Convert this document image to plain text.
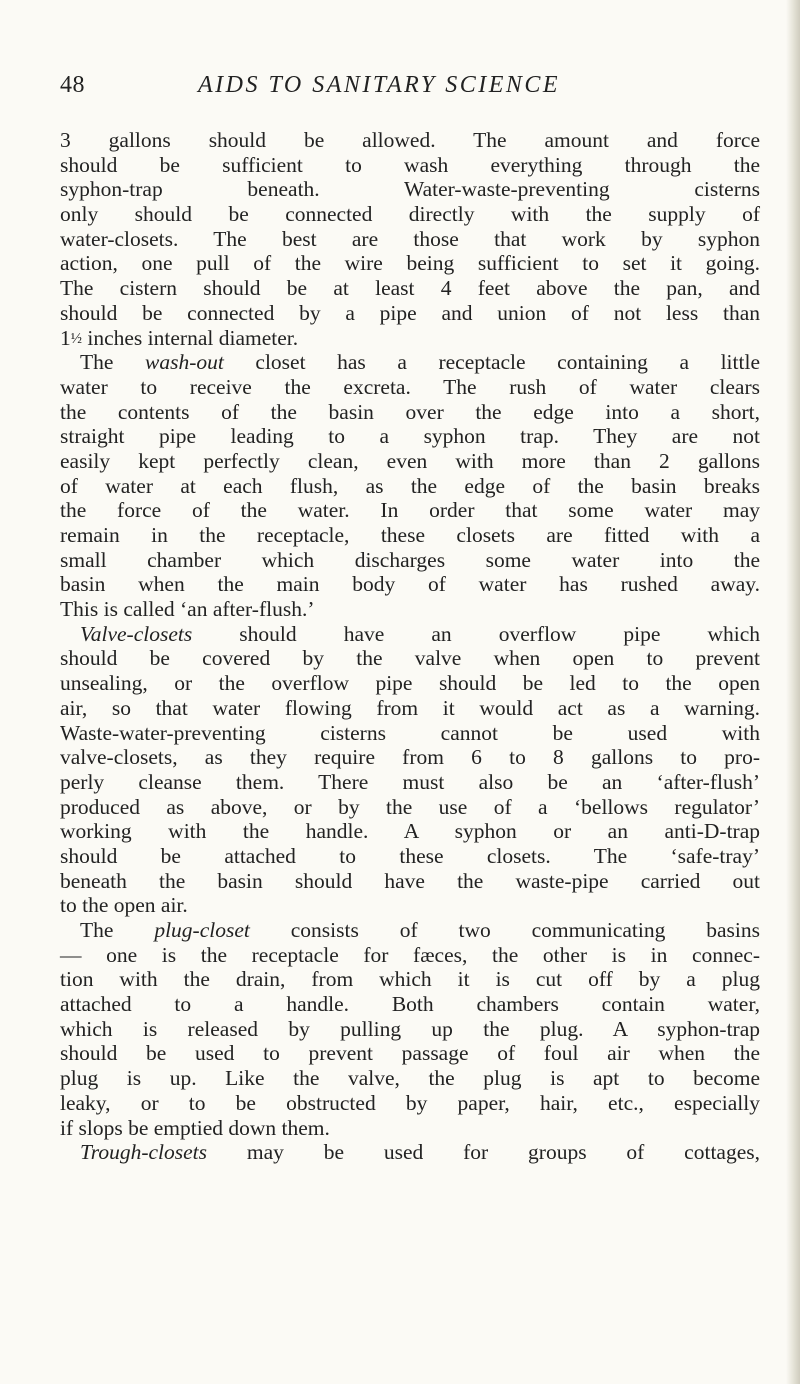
48	AIDS TO SANITARY SCIENCE
3 gallons should be allowed. The amount and force
should be sufficient to wash everything through the
syphon-trap beneath. Water-waste-preventing cisterns
only should be connected directly with the supply of
water-closets. The best are those that work by syphon
action, one pull of the wire being sufficient to set it going.
The cistern should be at least 4 feet above the pan, and
should be connected by a pipe and union of not less than
1½ inches internal diameter.
The wash-out closet has a receptacle containing a little
water to receive the excreta. The rush of water clears
the contents of the basin over the edge into a short,
straight pipe leading to a syphon trap. They are not
easily kept perfectly clean, even with more than 2 gallons
of water at each flush, as the edge of the basin breaks
the force of the water. In order that some water may
remain in the receptacle, these closets are fitted with a
small chamber which discharges some water into the
basin when the main body of water has rushed away.
This is called ‘an after-flush.’
Valve-closets should have an overflow pipe which
should be covered by the valve when open to prevent
unsealing, or the overflow pipe should be led to the open
air, so that water flowing from it would act as a warning.
Waste-water-preventing cisterns cannot be used with
valve-closets, as they require from 6 to 8 gallons to pro-
perly cleanse them. There must also be an ‘after-flush’
produced as above, or by the use of a ‘bellows regulator’
working with the handle. A syphon or an anti-D-trap
should be attached to these closets. The ‘safe-tray’
beneath the basin should have the waste-pipe carried out
to the open air.
The plug-closet consists of two communicating basins
— one is the receptacle for fæces, the other is in connec-
tion with the drain, from which it is cut off by a plug
attached to a handle. Both chambers contain water,
which is released by pulling up the plug. A syphon-trap
should be used to prevent passage of foul air when the
plug is up. Like the valve, the plug is apt to become
leaky, or to be obstructed by paper, hair, etc., especially
if slops be emptied down them.
Trough-closets may be used for groups of cottages,
